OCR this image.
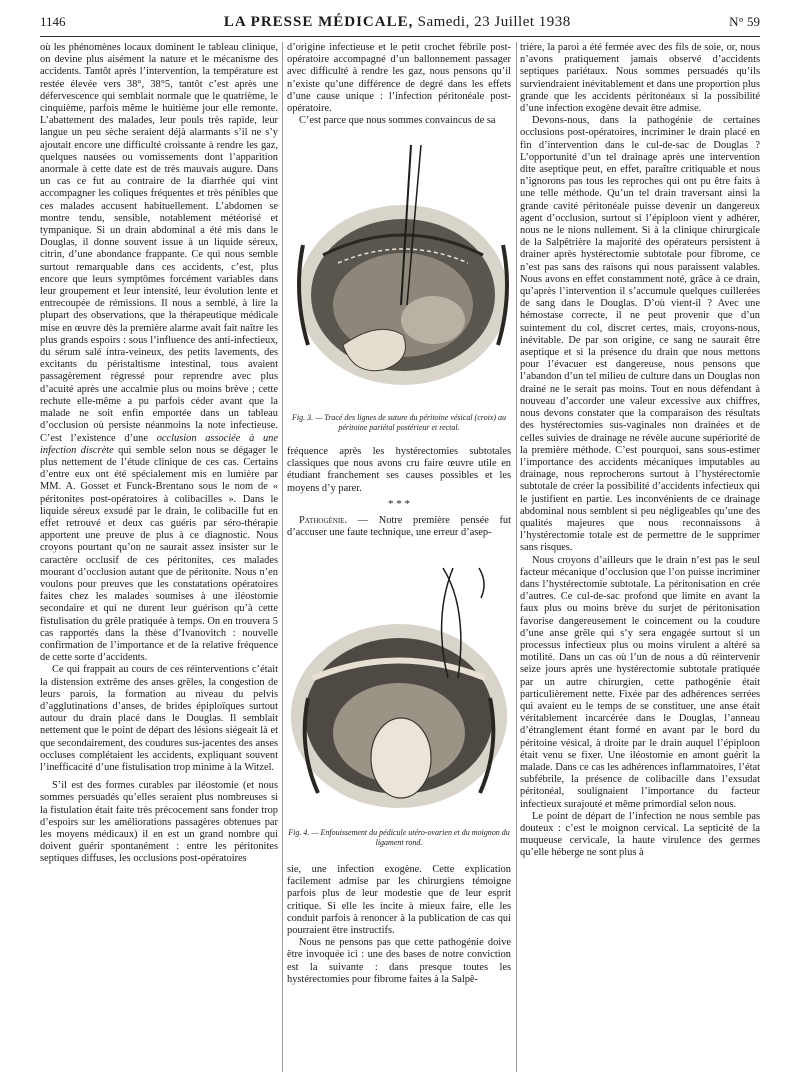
1146	LA PRESSE MÉDICALE, Samedi, 23 Juillet 1938	N° 59

où les phénomènes locaux dominent le tableau clinique, on devine plus aisément la nature et le mécanisme des accidents. Tantôt après l’intervention, la température est restée élevée vers 38°, 38°5, tantôt c’est après une défervescence qui semblait normale que le quatrième, le cinquième, parfois même le huitième jour elle remonte. L’abattement des malades, leur pouls très rapide, leur langue un peu sèche seraient déjà alarmants s’il ne s’y ajoutait encore une difficulté croissante à rendre les gaz, quelques nausées ou vomissements dont l’apparition anormale à cette date est de très mauvais augure. Dans un cas ce fut au contraire de la diarrhée qui vint accompagner les coliques fréquentes et très pénibles que ces malades accusent habituellement. L’abdomen se montre tendu, sensible, notablement météorisé et tympanique. Si un drain abdominal a été mis dans le Douglas, il donne souvent issue à un liquide séreux, citrin, d’une abondance frappante. Ce qui nous semble surtout remarquable dans ces accidents, c’est, plus encore que leurs symptômes forcément variables dans leur groupement et leur intensité, leur évolution lente et entrecoupée de rémissions. Il nous a semblé, à lire la plupart des observations, que la thérapeutique médicale mise en œuvre dès la première alarme avait fait naître les plus grands espoirs : sous l’influence des anti-infectieux, du sérum salé intra-veineux, des petits lavements, des excitants du péristaltisme intestinal, tous avaient passagèrement régressé pour reprendre avec plus d’acuité après une accalmie plus ou moins brève ; cette rechute elle-même a pu parfois céder avant que la malade ne soit enfin emportée dans un tableau d’occlusion où persiste néanmoins la note infectieuse. C’est l’existence d’une occlusion associée à une infection discrète qui semble selon nous se dégager le plus nettement de l’étude clinique de ces cas. Certains d’entre eux ont été spécialement mis en lumière par MM. A. Gosset et Funck-Brentano sous le nom de « péritonites post-opératoires à colibacilles ». Dans le liquide séreux exsudé par le drain, le colibacille fut en effet retrouvé et deux cas guéris par séro-thérapie apportent une preuve de plus à ce diagnostic. Nous croyons pourtant qu’on ne saurait assez insister sur le caractère occlusif de ces péritonites, ces malades mourant d’occlusion autant que de péritonite. Nous n’en voulons pour preuves que les constatations opératoires faites chez les malades soumises à une iléostomie secondaire et qui ne durent leur guérison qu’à cette fistulisation du grêle pratiquée à temps. On en trouvera 5 cas rapportés dans la thèse d’Ivanovitch : nouvelle confirmation de l’importance et de la relative fréquence de cette sorte d’accidents.

Ce qui frappait au cours de ces réinterventions c’était la distension extrême des anses grêles, la congestion de leurs parois, la formation au niveau du pelvis d’agglutinations d’anses, de brides épiploïques surtout autour du drain placé dans le Douglas. Il semblait nettement que le point de départ des lésions siégeait là et que secondairement, des coudures sus-jacentes des anses occluses complétaient les accidents, expliquant souvent l’inefficacité d’une fistulisation trop minime à la Witzel.

S’il est des formes curables par iléostomie (et nous sommes persuadés qu’elles seraient plus nombreuses si la fistulation était faite très précocement sans fonder trop d’espoirs sur les améliorations passagères obtenues par les moyens médicaux) il en est un grand nombre qui doivent guérir spontanément : entre les péritonites septiques diffuses, les occlusions post-opératoires

d’origine infectieuse et le petit crochet fébrile post-opératoire accompagné d’un ballonnement passager avec difficulté à rendre les gaz, nous pensons qu’il n’existe qu’une différence de degré dans les effets d’une cause unique : l’infection péritonéale post-opératoire.

C’est parce que nous sommes convaincus de sa

Fig. 3. — Tracé des lignes de suture du péritoine vésical (croix) au péritoine pariétal postérieur et rectal.

fréquence après les hystérectomies subtotales classiques que nous avons cru faire œuvre utile en étudiant franchement ses causes possibles et les moyens d’y parer.

* * *

Pathogénie. — Notre première pensée fut d’accuser une faute technique, une erreur d’asep-

Fig. 4. — Enfouissement du pédicule utéro-ovarien et du moignon du ligament rond.

sie, une infection exogène. Cette explication facilement admise par les chirurgiens témoigne parfois plus de leur modestie que de leur esprit critique. Si elle les incite à mieux faire, elle les conduit parfois à renoncer à la publication de cas qui pourraient être instructifs.

Nous ne pensons pas que cette pathogénie doive être invoquée ici : une des bases de notre conviction est la suivante : dans presque toutes les hystérectomies pour fibrome faites à la Salpê-

trière, la paroi a été fermée avec des fils de soie, or, nous n’avons pratiquement jamais observé d’accidents septiques pariétaux. Nous sommes persuadés qu’ils surviendraient inévitablement et dans une proportion plus grande que les accidents péritonéaux si la possibilité d’une infection exogène devait être admise.

Devons-nous, dans la pathogénie de certaines occlusions post-opératoires, incriminer le drain placé en fin d’intervention dans le cul-de-sac de Douglas ? L’opportunité d’un tel drainage après une intervention dite aseptique peut, en effet, paraître critiquable et nous n’ignorons pas tous les reproches qui ont pu être faits à une telle méthode. Qu’un tel drain traversant ainsi la grande cavité péritonéale puisse devenir un dangereux agent d’occlusion, surtout si l’épiploon vient y adhérer, nous ne le nions nullement. Si à la clinique chirurgicale de la Salpêtrière la majorité des opérateurs persistent à drainer après hystérectomie subtotale pour fibrome, ce n’est pas sans des raisons qui nous paraissent valables. Nous avons en effet constamment noté, grâce à ce drain, qu’après l’intervention il s’accumule quelques cuillerées de sang dans le Douglas. D’où vient-il ? Avec une hémostase correcte, il ne peut provenir que d’un suintement du col, discret certes, mais, croyons-nous, inévitable. De par son origine, ce sang ne saurait être aseptique et si la présence du drain que nous mettons pour l’évacuer est dangereuse, nous pensons que l’abandon d’un tel milieu de culture dans un Douglas non drainé ne le serait pas moins. Tout en nous défendant à nouveau d’accorder une valeur excessive aux chiffres, nous devons constater que la comparaison des résultats des hystérectomies sus-vaginales non drainées et de celles suivies de drainage ne révèle aucune supériorité de la première méthode. C’est pourquoi, sans sous-estimer l’importance des accidents mécaniques imputables au drainage, nous reprocherons surtout à l’hystérectomie subtotale de créer la possibilité d’accidents infectieux qui le justifient en partie. Les inconvénients de ce drainage abdominal nous semblent si peu négligeables qu’une des qualités majeures que nous reconnaissons à l’hystérectomie totale est de permettre de le supprimer sans risques.

Nous croyons d’ailleurs que le drain n’est pas le seul facteur mécanique d’occlusion que l’on puisse incriminer dans l’hystérectomie subtotale. La péritonisation en crée d’autres. Ce cul-de-sac profond que limite en avant la faux plus ou moins brève du surjet de péritonisation favorise dangereusement le coincement ou la coudure d’une anse grêle qui s’y sera engagée surtout si un processus infectieux plus ou moins virulent a altéré sa motilité. Dans un cas où l’un de nous a dû réintervenir seize jours après une hystérectomie subtotale pratiquée par un autre chirurgien, cette pathogénie était particulièrement nette. Fixée par des adhérences serrées qui avaient eu le temps de se constituer, une anse était véritablement incarcérée dans le Douglas, l’anneau d’étranglement étant formé en avant par le bord du péritoine vésical, à droite par le drain auquel l’épiploon était venu se fixer. Une iléostomie en amont guérit la malade. Dans ce cas les adhérences inflammatoires, l’état subfébrile, la présence de colibacille dans l’exsudat péritonéal, soulignaient l’importance du facteur infectieux surajouté et même primordial selon nous.

Le point de départ de l’infection ne nous semble pas douteux : c’est le moignon cervical. La septicité de la muqueuse cervicale, la haute virulence des germes qu’elle héberge ne sont plus à
